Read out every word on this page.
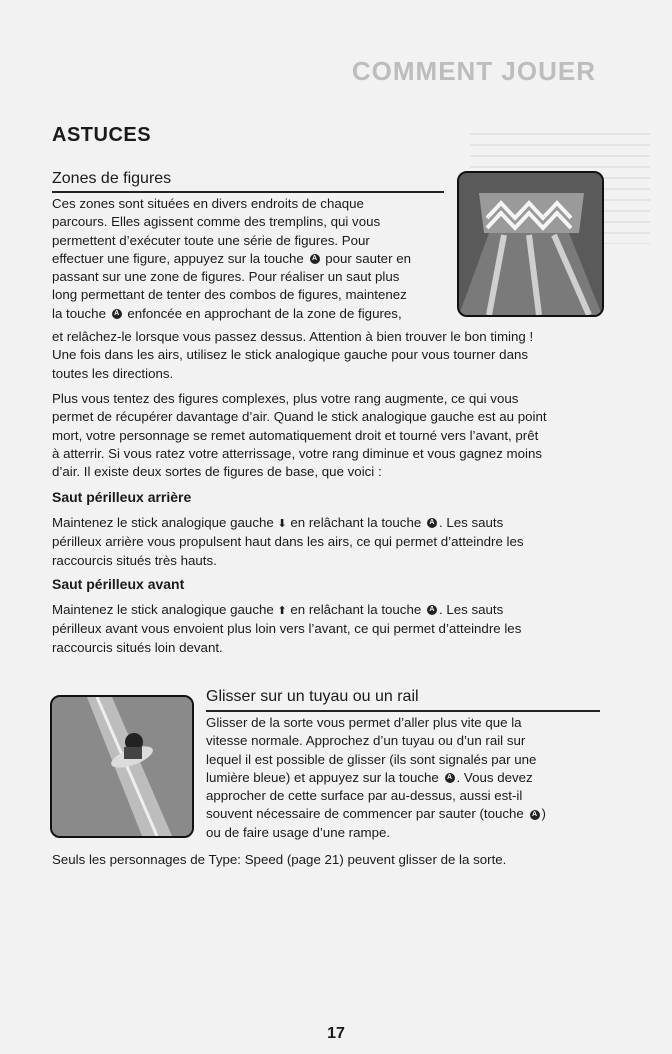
COMMENT JOUER
ASTUCES
Zones de figures
Ces zones sont situées en divers endroits de chaque
parcours. Elles agissent comme des tremplins, qui vous
permettent d’exécuter toute une série de figures. Pour
effectuer une figure, appuyez sur la touche A pour sauter en
passant sur une zone de figures. Pour réaliser un saut plus
long permettant de tenter des combos de figures, maintenez
la touche A enfoncée en approchant de la zone de figures,
et relâchez-le lorsque vous passez dessus. Attention à bien trouver le bon timing !
Une fois dans les airs, utilisez le stick analogique gauche pour vous tourner dans
toutes les directions.
Plus vous tentez des figures complexes, plus votre rang augmente, ce qui vous
permet de récupérer davantage d’air. Quand le stick analogique gauche est au point
mort, votre personnage se remet automatiquement droit et tourné vers l’avant, prêt
à atterrir. Si vous ratez votre atterrissage, votre rang diminue et vous gagnez moins
d’air. Il existe deux sortes de figures de base, que voici :
Saut périlleux arrière
Maintenez le stick analogique gauche ⬇ en relâchant la touche A . Les sauts
périlleux arrière vous propulsent haut dans les airs, ce qui permet d’atteindre les
raccourcis situés très hauts.
Saut périlleux avant
Maintenez le stick analogique gauche ⬆ en relâchant la touche A . Les sauts
périlleux avant vous envoient plus loin vers l’avant, ce qui permet d’atteindre les
raccourcis situés loin devant.
Glisser sur un tuyau ou un rail
Glisser de la sorte vous permet d’aller plus vite que la
vitesse normale. Approchez d’un tuyau ou d’un rail sur
lequel il est possible de glisser (ils sont signalés par une
lumière bleue) et appuyez sur la touche A . Vous devez
approcher de cette surface par au-dessus, aussi est-il
souvent nécessaire de commencer par sauter (touche A )
ou de faire usage d’une rampe.
Seuls les personnages de Type: Speed (page 21) peuvent glisser de la sorte.
17
